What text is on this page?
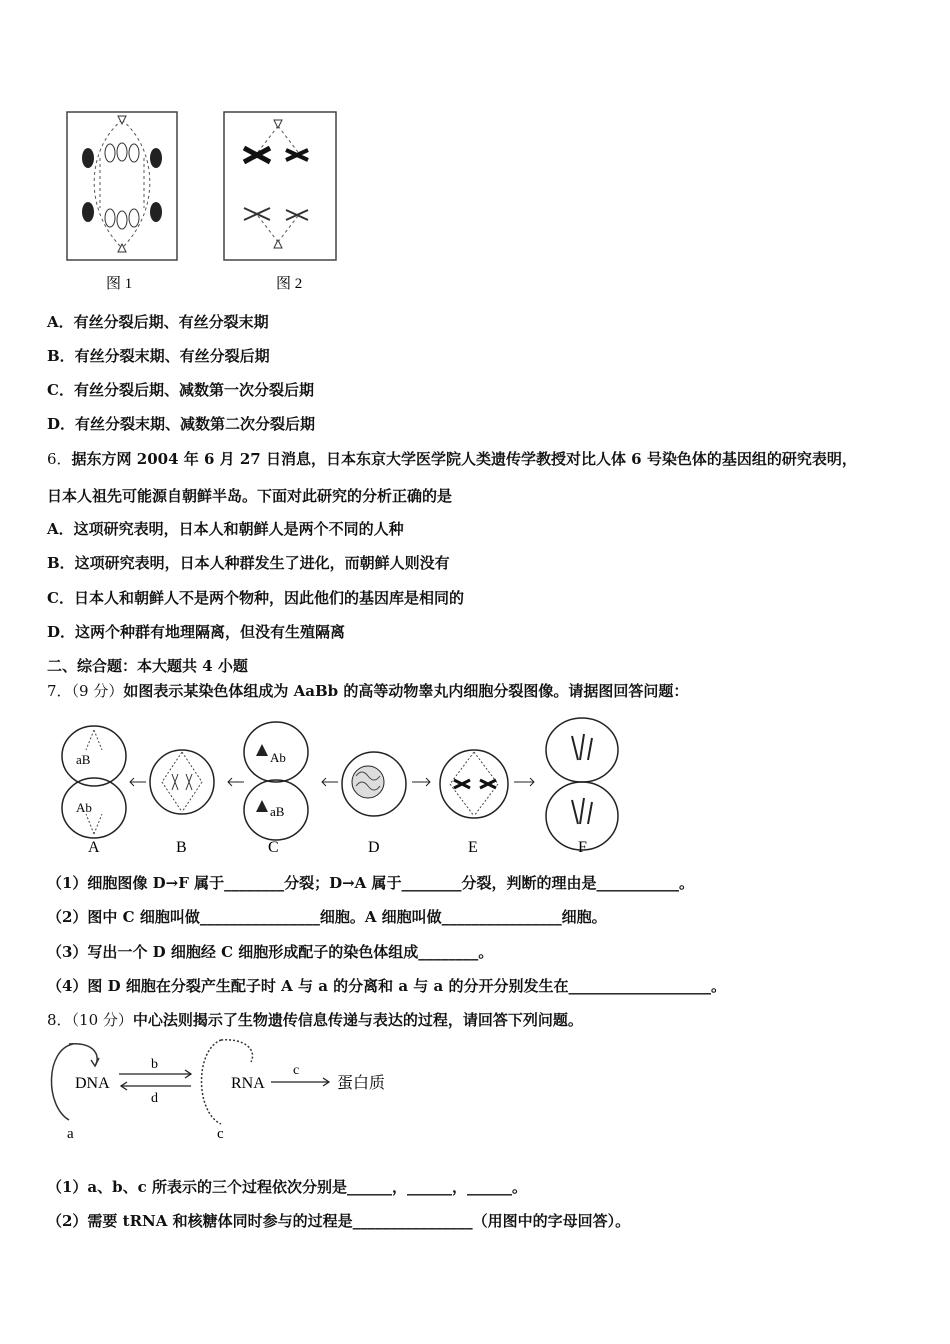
图 1	图 2
A．有丝分裂后期、有丝分裂末期
B．有丝分裂末期、有丝分裂后期
C．有丝分裂后期、减数第一次分裂后期
D．有丝分裂末期、减数第二次分裂后期
6．据东方网 2004 年 6 月 27 日消息，日本东京大学医学院人类遗传学教授对比人体 6 号染色体的基因组的研究表明，
日本人祖先可能源自朝鲜半岛。下面对此研究的分析正确的是
A．这项研究表明，日本人和朝鲜人是两个不同的人种
B．这项研究表明，日本人种群发生了进化，而朝鲜人则没有
C．日本人和朝鲜人不是两个物种，因此他们的基因库是相同的
D．这两个种群有地理隔离，但没有生殖隔离
二、综合题：本大题共 4 小题
7．（9 分）如图表示某染色体组成为 AaBb 的高等动物睾丸内细胞分裂图像。请据图回答问题：
aB
Ab
Ab
aB
A	B	C	D	E	F
（1）细胞图像 D→F 属于________分裂；D→A 属于________分裂，判断的理由是___________。
（2）图中 C 细胞叫做________________细胞。A 细胞叫做________________细胞。
（3）写出一个 D 细胞经 C 细胞形成配子的染色体组成________。
（4）图 D 细胞在分裂产生配子时 A 与 a 的分离和 a 与 a 的分开分别发生在___________________。
8．（10 分）中心法则揭示了生物遗传信息传递与表达的过程，请回答下列问题。
DNA
a
b
d
RNA
c
c
蛋白质
（1）a、b、c 所表示的三个过程依次分别是______，______，______。
（2）需要 tRNA 和核糖体同时参与的过程是________________（用图中的字母回答）。
